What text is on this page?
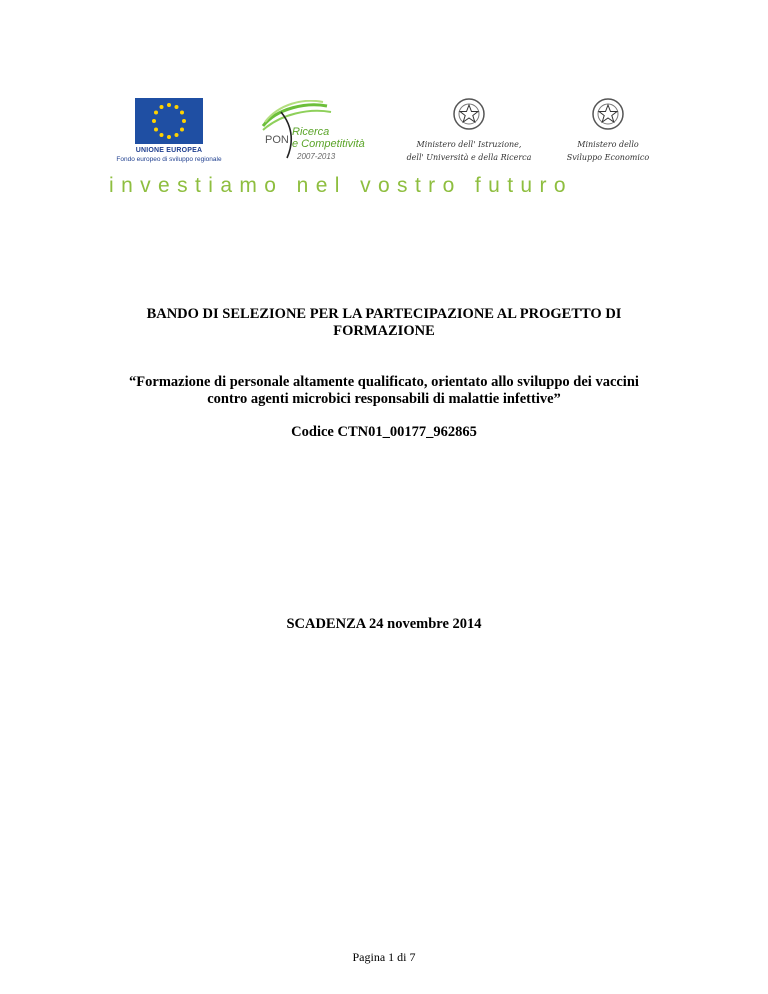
UNIONE EUROPEA
Fondo europeo di sviluppo regionale
PON
Ricerca
e Competitività
2007-2013
Ministero dell' Istruzione,
dell' Università e della Ricerca
Ministero dello
Sviluppo Economico
investiamo nel vostro futuro
BANDO DI SELEZIONE PER LA PARTECIPAZIONE AL PROGETTO DI
FORMAZIONE
“Formazione di personale altamente qualificato, orientato allo sviluppo dei vaccini
contro agenti microbici responsabili di malattie infettive”
Codice CTN01_00177_962865
SCADENZA 24 novembre 2014
Pagina 1 di 7
